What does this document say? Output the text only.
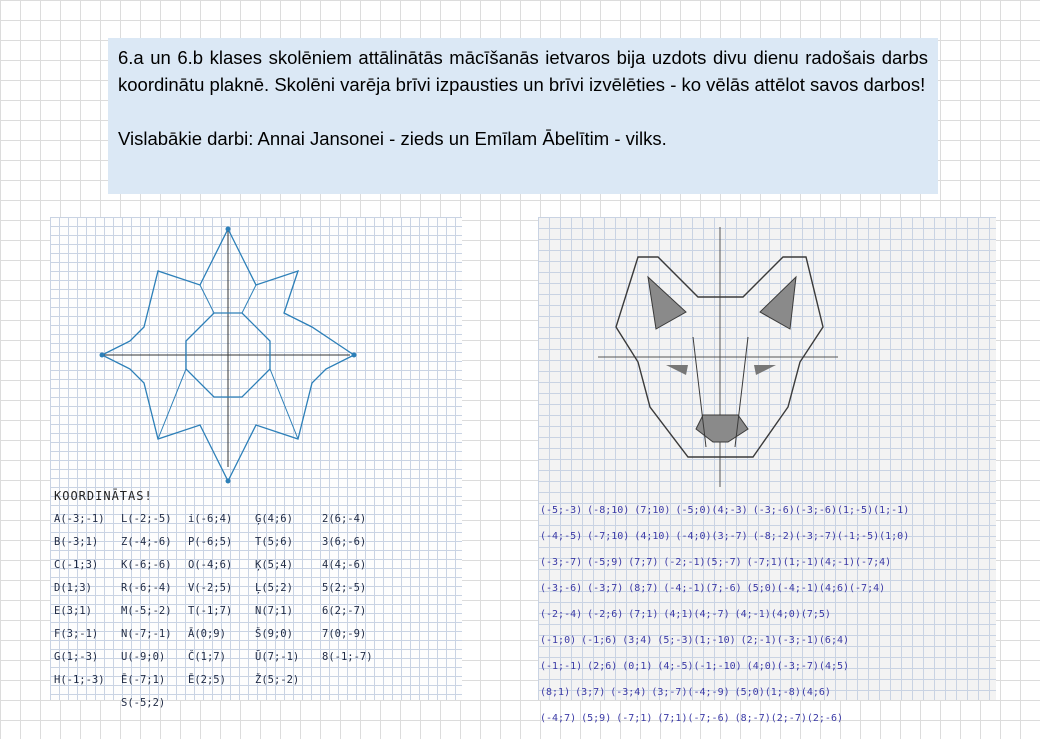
6.a un 6.b klases skolēniem attālinātās mācīšanās ietvaros bija uzdots divu dienu radošais darbs koordinātu plaknē. Skolēni varēja brīvi izpausties un brīvi izvēlēties - ko vēlās attēlot savos darbos!

Vislabākie darbi: Annai Jansonei - zieds un Emīlam Ābelītim - vilks.

KOORDINĀTAS!
A(-3;-1)	L(-2;-5)	i(-6;4)	Ģ(4;6)	2(6;-4)
B(-3;1)	Z(-4;-6)	P(-6;5)	T(5;6)	3(6;-6)
C(-1;3)	K(-6;-6)	O(-4;6)	Ķ(5;4)	4(4;-6)
D(1;3)	R(-6;-4)	V(-2;5)	Ļ(5;2)	5(2;-5)
E(3;1)	M(-5;-2)	T(-1;7)	N(7;1)	6(2;-7)
F(3;-1)	N(-7;-1)	Ā(0;9)	Š(9;0)	7(0;-9)
G(1;-3)	U(-9;0)	Č(1;7)	Ū(7;-1)	8(-1;-7)
H(-1;-3)	Ē(-7;1)	Ē(2;5)	Ž(5;-2)
S(-5;2)
(-5;-3) (-8;10) (7;10) (-5;0)(4;-3) (-3;-6)(-3;-6)(1;-5)(1;-1)
(-4;-5) (-7;10) (4;10) (-4;0)(3;-7) (-8;-2)(-3;-7)(-1;-5)(1;0)
(-3;-7) (-5;9) (7;7) (-2;-1)(5;-7) (-7;1)(1;-1)(4;-1)(-7;4)
(-3;-6) (-3;7) (8;7) (-4;-1)(7;-6) (5;0)(-4;-1)(4;6)(-7;4)
(-2;-4) (-2;6) (7;1) (4;1)(4;-7) (4;-1)(4;0)(7;5)
(-1;0) (-1;6) (3;4) (5;-3)(1;-10) (2;-1)(-3;-1)(6;4)
(-1;-1) (2;6) (0;1) (4;-5)(-1;-10) (4;0)(-3;-7)(4;5)
(8;1) (3;7) (-3;4) (3;-7)(-4;-9) (5;0)(1;-8)(4;6)
(-4;7) (5;9) (-7;1) (7;1)(-7;-6) (8;-7)(2;-7)(2;-6)
